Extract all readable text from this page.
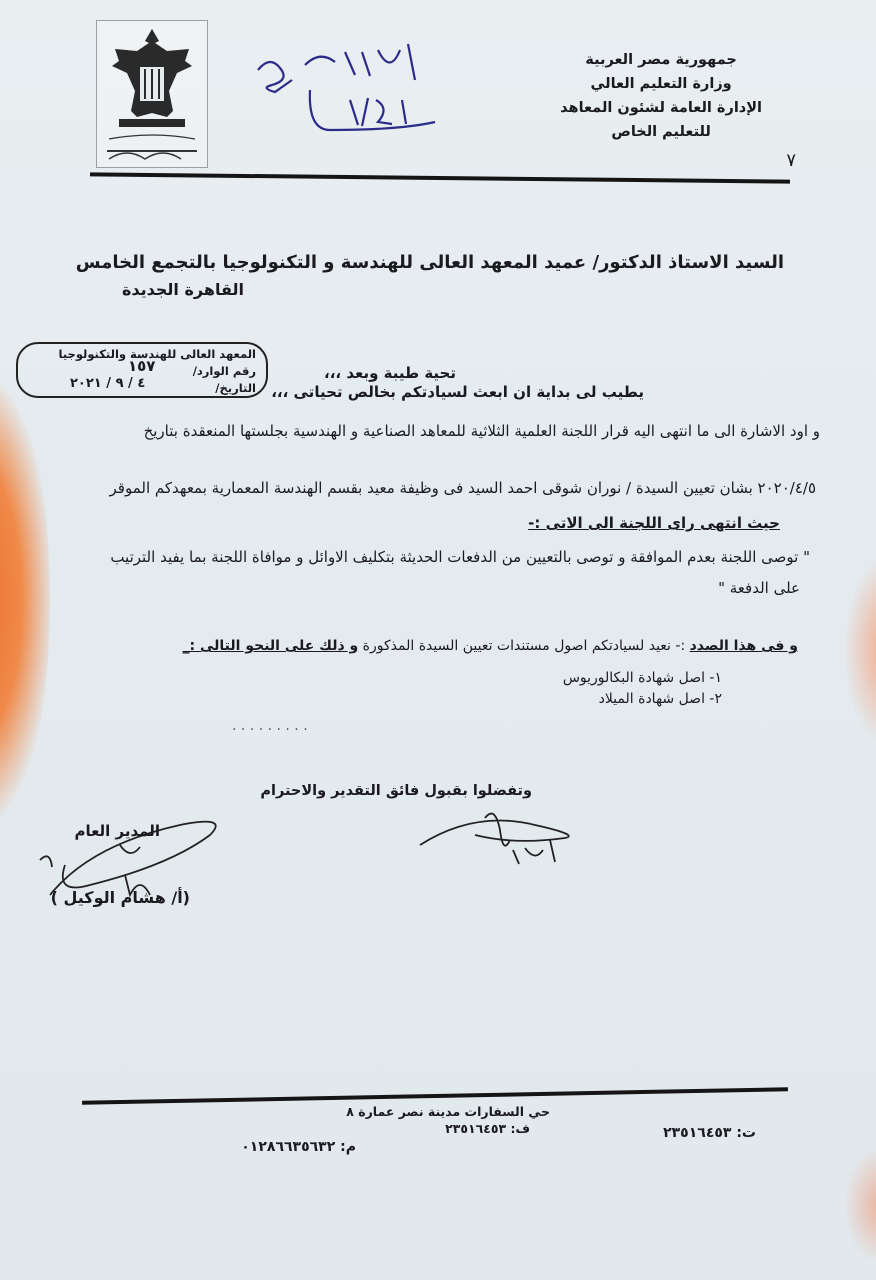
جمهورية مصر العربية
وزارة التعليم العالي
الإدارة العامة لشئون المعاهد
للتعليم الخاص
٧
السيد الاستاذ الدكتور/ عميد المعهد العالى للهندسة و التكنولوجيا بالتجمع الخامس
القاهرة الجديدة
المعهد العالى للهندسة والتكنولوجيا
رقم الوارد/
التاريخ/
١٥٧
٤ / ٩ / ٢٠٢١
تحية طيبة وبعد ،،،
يطيب لى بداية ان ابعث لسيادتكم بخالص تحياتى ،،،
و اود الاشارة الى ما انتهى اليه قرار اللجنة العلمية الثلاثية للمعاهد الصناعية و الهندسية بجلستها المنعقدة بتاريخ
٢٠٢٠/٤/٥ بشان تعيين السيدة / نوران شوقى احمد السيد فى وظيفة معيد بقسم الهندسة المعمارية بمعهدكم الموقر
حيث انتهى راى اللجنة الى الاتى :-
" توصى اللجنة بعدم الموافقة و توصى بالتعيين من الدفعات الحديثة بتكليف الاوائل و موافاة اللجنة بما يفيد الترتيب
على الدفعة "
و فى هذا الصدد :- نعيد لسيادتكم اصول مستندات تعيين السيدة المذكورة و ذلك على النحو التالى :_
١- اصل شهادة البكالوريوس
٢- اصل شهادة الميلاد
· · · · · · · · ·
وتفضلوا بقبول فائق التقدير والاحترام
المدير العام
(أ/ هشام الوكيل )
حي السفارات مدينة نصر عمارة ٨
ف: ٢٣٥١٦٤٥٣	ت: ٢٣٥١٦٤٥٣
م: ٠١٢٨٦٦٣٥٦٣٢
